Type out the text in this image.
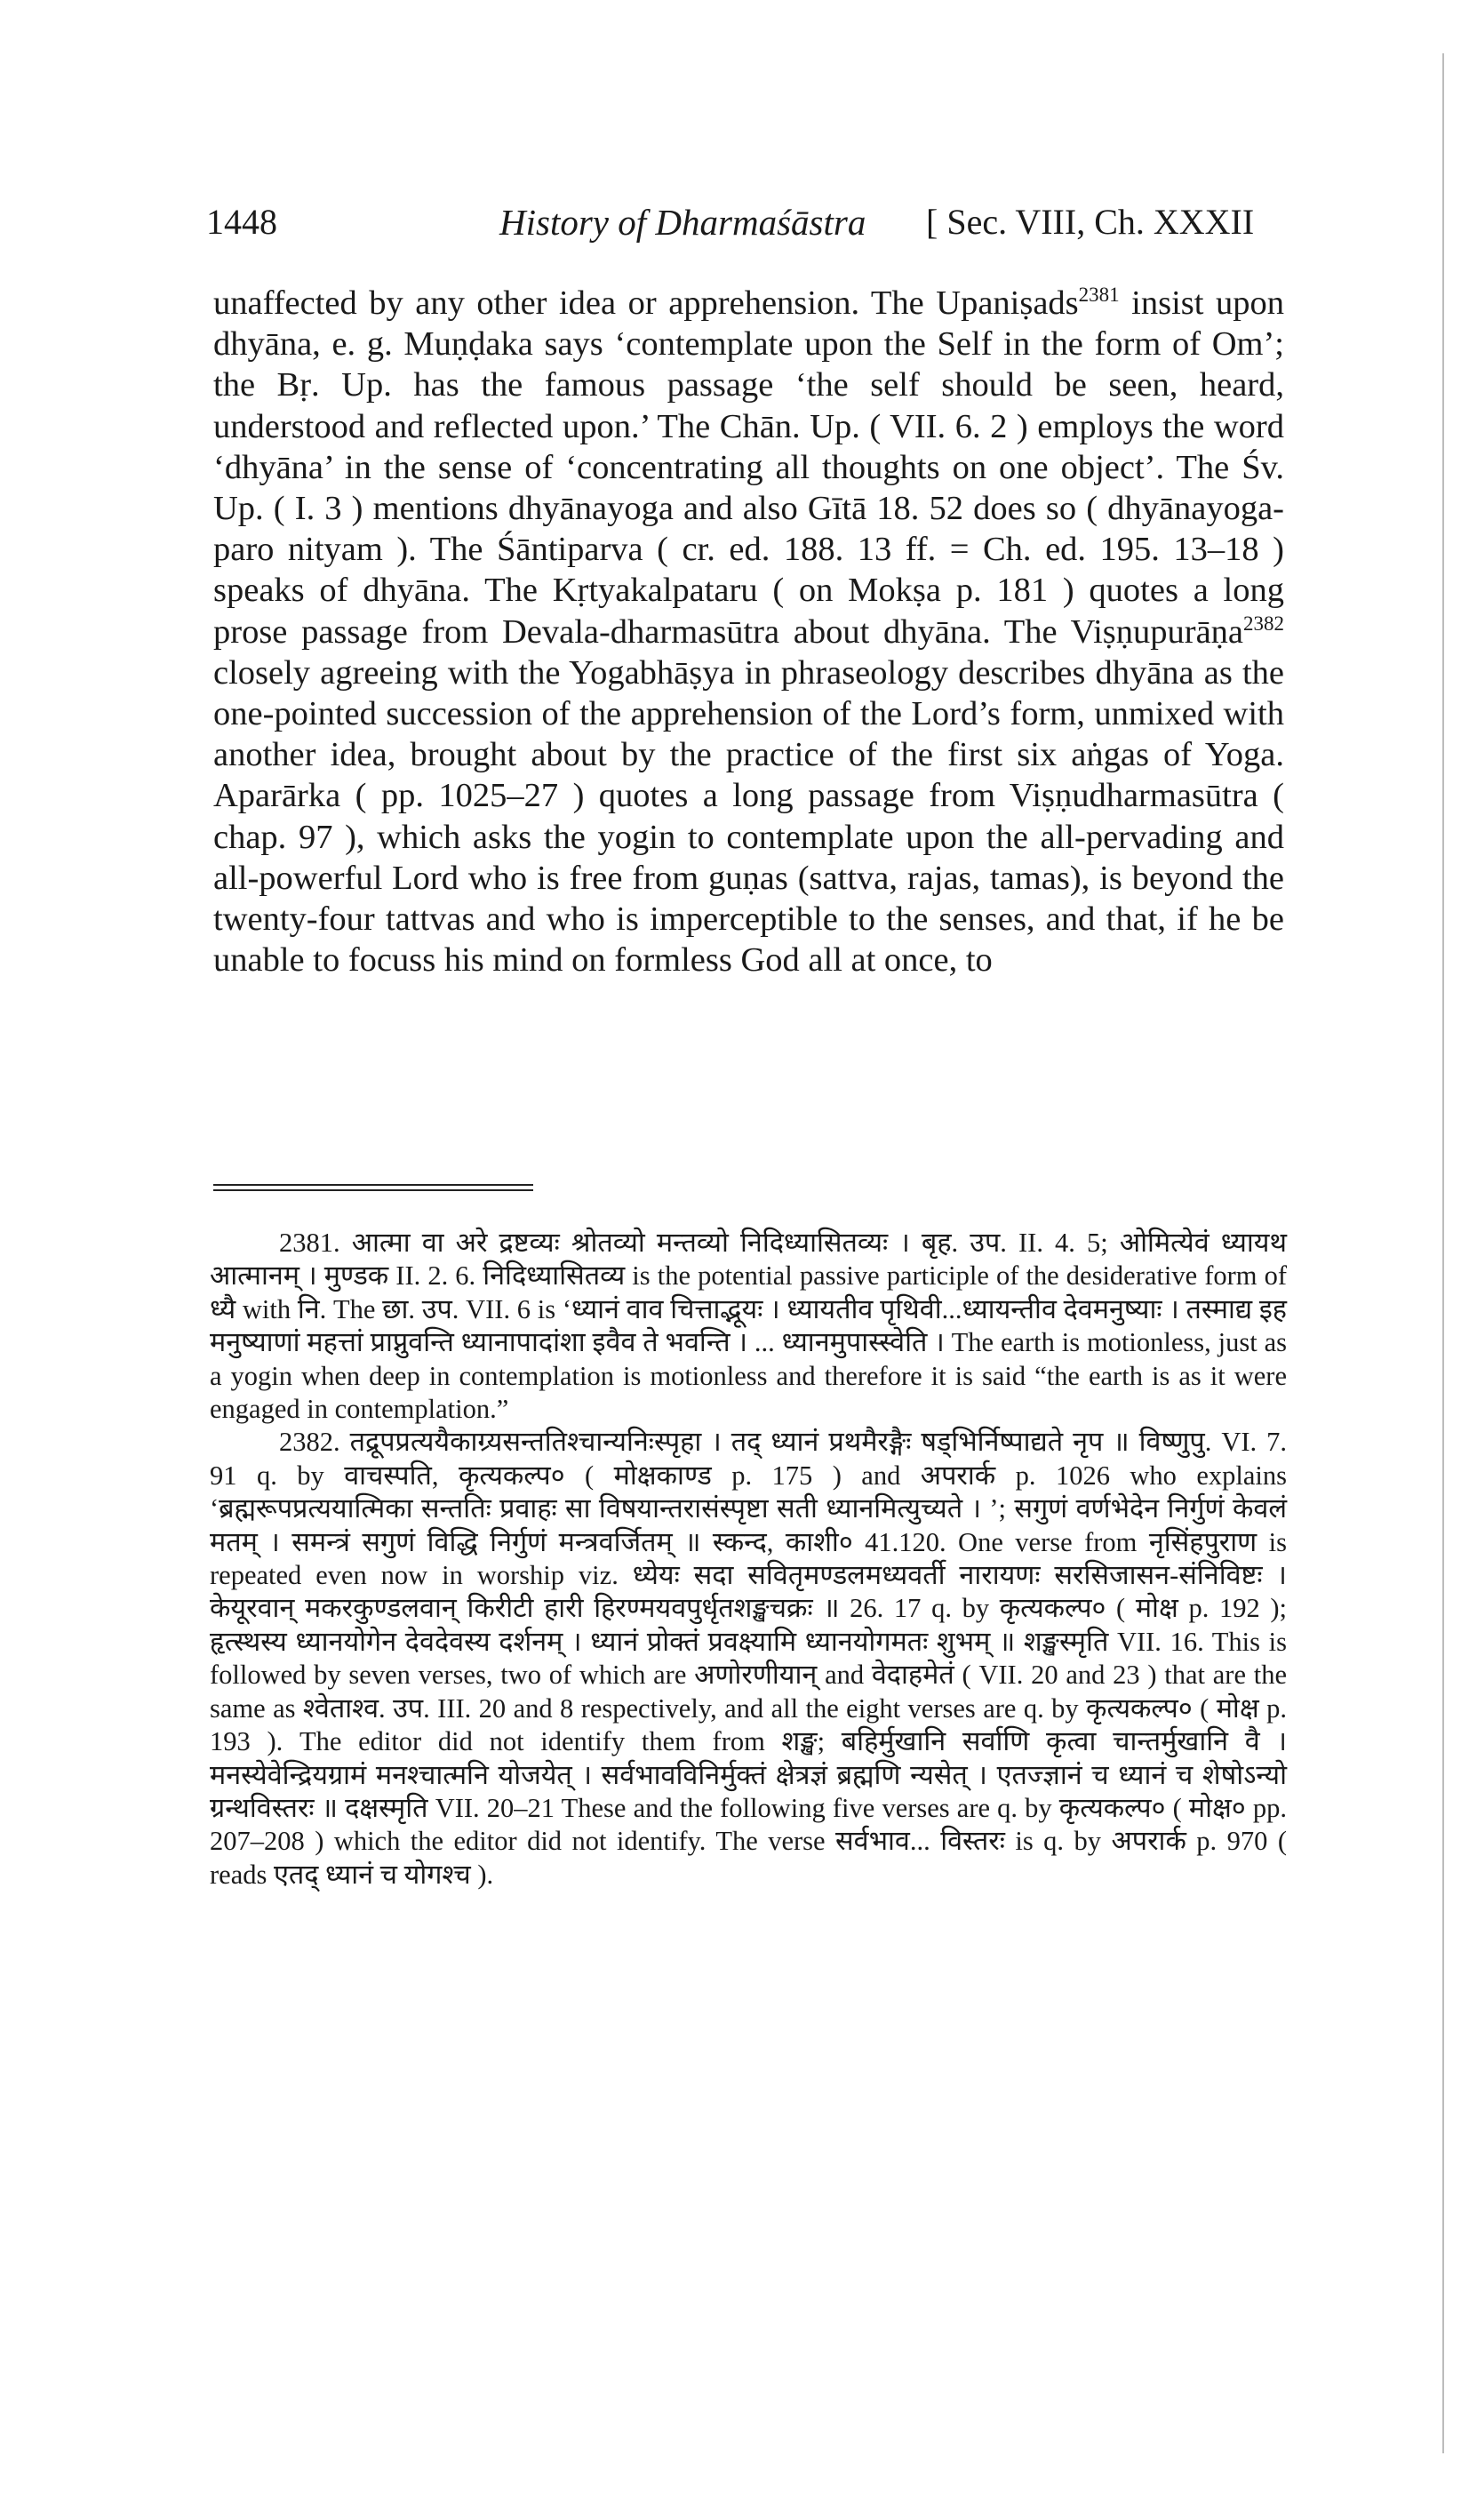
1448	History of Dharmaśāstra [ Sec. VIII, Ch. XXXII

unaffected by any other idea or apprehension. The Upaniṣads$^{2381}$ insist upon dhyāna, e. g. Muṇḍaka says ‘contemplate upon the Self in the form of Om’; the Bṛ. Up. has the famous passage ‘the self should be seen, heard, understood and reflected upon.’ The Chān. Up. ( VII. 6. 2 ) employs the word ‘dhyāna’ in the sense of ‘concentrating all thoughts on one object’. The Śv. Up. ( I. 3 ) mentions dhyānayoga and also Gītā 18. 52 does so ( dhyānayoga-paro nityam ). The Śāntiparva ( cr. ed. 188. 13 ff. = Ch. ed. 195. 13–18 ) speaks of dhyāna. The Kṛtyakalpataru ( on Mokṣa p. 181 ) quotes a long prose passage from Devala-dharmasūtra about dhyāna. The Viṣṇupurāṇa$^{2382}$ closely agreeing with the Yogabhāṣya in phraseology describes dhyāna as the one-pointed succession of the apprehension of the Lord’s form, unmixed with another idea, brought about by the practice of the first six aṅgas of Yoga. Aparārka ( pp. 1025–27 ) quotes a long passage from Viṣṇudharmasūtra ( chap. 97 ), which asks the yogin to contemplate upon the all-pervading and all-powerful Lord who is free from guṇas (sattva, rajas, tamas), is beyond the twenty-four tattvas and who is imperceptible to the senses, and that, if he be unable to focuss his mind on formless God all at once, to

2381. आत्मा वा अरे द्रष्टव्यः श्रोतव्यो मन्तव्यो निदिध्यासितव्यः । बृह. उप. II. 4. 5; ओमित्येवं ध्यायथ आत्मानम् । मुण्डक II. 2. 6. निदिध्यासितव्य is the potential passive participle of the desiderative form of ध्यै with नि. The छा. उप. VII. 6 is ‘ध्यानं वाव चित्ताद्भूयः । ध्यायतीव पृथिवी...ध्यायन्तीव देवमनुष्याः । तस्माद्य इह मनुष्याणां महत्तां प्राप्नुवन्ति ध्यानापादांशा इवैव ते भवन्ति । ... ध्यानमुपास्स्वेति । The earth is motionless, just as a yogin when deep in contemplation is motionless and therefore it is said “the earth is as it were engaged in contemplation.”

2382. तद्रूपप्रत्ययैकाग्र्यसन्ततिश्चान्यनिःस्पृहा । तद् ध्यानं प्रथमैरङ्गैः षड्भिर्निष्पाद्यते नृप ॥ विष्णुपु. VI. 7. 91 q. by वाचस्पति, कृत्यकल्प० ( मोक्षकाण्ड p. 175 ) and अपरार्क p. 1026 who explains ‘ब्रह्मरूपप्रत्ययात्मिका सन्ततिः प्रवाहः सा विषयान्तरासंस्पृष्टा सती ध्यानमित्युच्यते । ’; सगुणं वर्णभेदेन निर्गुणं केवलं मतम् । समन्त्रं सगुणं विद्धि निर्गुणं मन्त्रवर्जितम् ॥ स्कन्द, काशी० 41.120. One verse from नृसिंहपुराण is repeated even now in worship viz. ध्येयः सदा सवितृमण्डलमध्यवर्ती नारायणः सरसिजासन-संनिविष्टः । केयूरवान् मकरकुण्डलवान् किरीटी हारी हिरण्मयवपुर्धृतशङ्खचक्रः ॥ 26. 17 q. by कृत्यकल्प० ( मोक्ष p. 192 ); हृत्स्थस्य ध्यानयोगेन देवदेवस्य दर्शनम् । ध्यानं प्रोक्तं प्रवक्ष्यामि ध्यानयोगमतः शुभम् ॥ शङ्खस्मृति VII. 16. This is followed by seven verses, two of which are अणोरणीयान् and वेदाहमेतं ( VII. 20 and 23 ) that are the same as श्वेताश्व. उप. III. 20 and 8 respectively, and all the eight verses are q. by कृत्यकल्प० ( मोक्ष p. 193 ). The editor did not identify them from शङ्ख; बहिर्मुखानि सर्वाणि कृत्वा चान्तर्मुखानि वै । मनस्येवेन्द्रियग्रामं मनश्चात्मनि योजयेत् । सर्वभावविनिर्मुक्तं क्षेत्रज्ञं ब्रह्मणि न्यसेत् । एतज्ज्ञानं च ध्यानं च शेषोऽन्यो ग्रन्थविस्तरः ॥ दक्षस्मृति VII. 20–21 These and the following five verses are q. by कृत्यकल्प० ( मोक्ष० pp. 207–208 ) which the editor did not identify. The verse सर्वभाव... विस्तरः is q. by अपरार्क p. 970 ( reads एतद् ध्यानं च योगश्च ).
